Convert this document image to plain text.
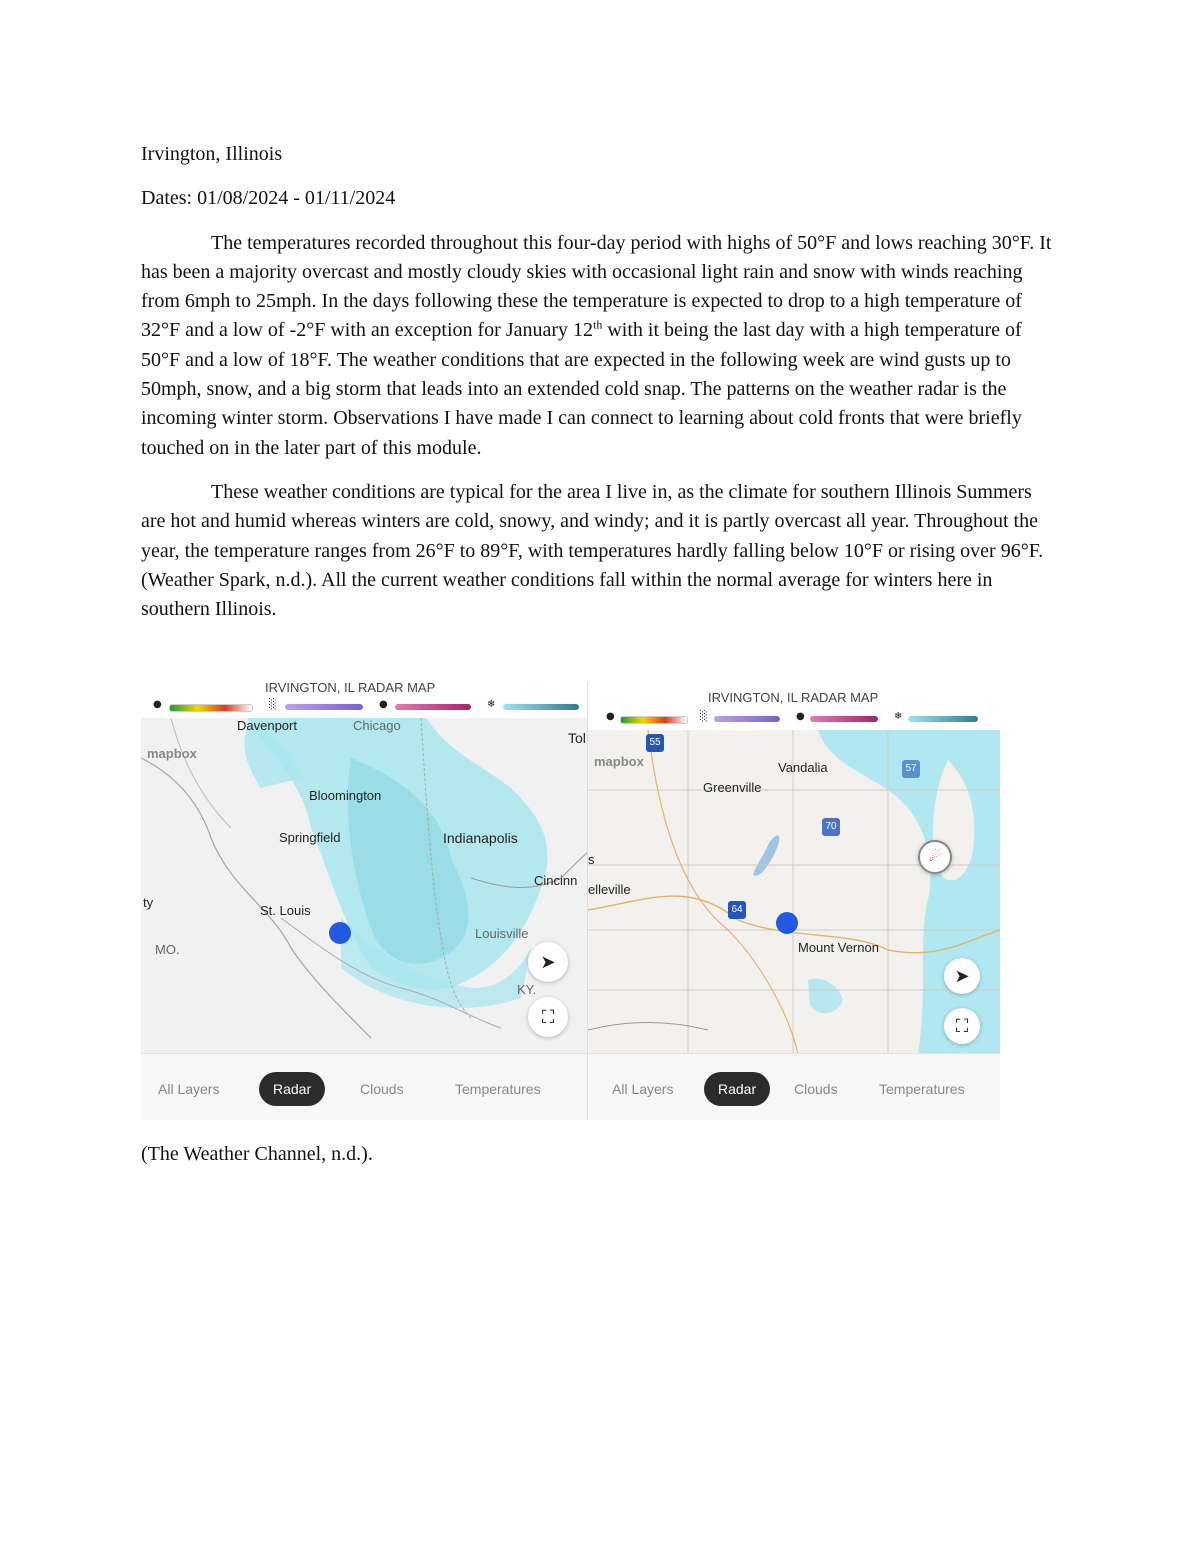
Irvington, Illinois

Dates: 01/08/2024 - 01/11/2024

The temperatures recorded throughout this four-day period with highs of 50°F and lows reaching 30°F. It has been a majority overcast and mostly cloudy skies with occasional light rain and snow with winds reaching from 6mph to 25mph. In the days following these the temperature is expected to drop to a high temperature of 32°F and a low of -2°F with an exception for January 12th with it being the last day with a high temperature of 50°F and a low of 18°F. The weather conditions that are expected in the following week are wind gusts up to 50mph, snow, and a big storm that leads into an extended cold snap. The patterns on the weather radar is the incoming winter storm. Observations I have made I can connect to learning about cold fronts that were briefly touched on in the later part of this module.

These weather conditions are typical for the area I live in, as the climate for southern Illinois Summers are hot and humid whereas winters are cold, snowy, and windy; and it is partly overcast all year. Throughout the year, the temperature ranges from 26°F to 89°F, with temperatures hardly falling below 10°F or rising over 96°F. (Weather Spark, n.d.). All the current weather conditions fall within the normal average for winters here in southern Illinois.

IRVINGTON, IL RADAR MAP
●	░	●	❄
mapbox
Davenport	Chicago
Tol
Bloomington
Springfield	Indianapolis
Cincinn
ty
St. Louis
MO.
Louisville
KY.
➤
⛶
All Layers	Radar	Clouds	Temperatures
IRVINGTON, IL RADAR MAP
●	░	●	❄
mapbox
55
57
70
64
Vandalia
Greenville
s
elleville
Mount Vernon
☄
➤
⛶
All Layers	Radar	Clouds	Temperatures

(The Weather Channel, n.d.).
